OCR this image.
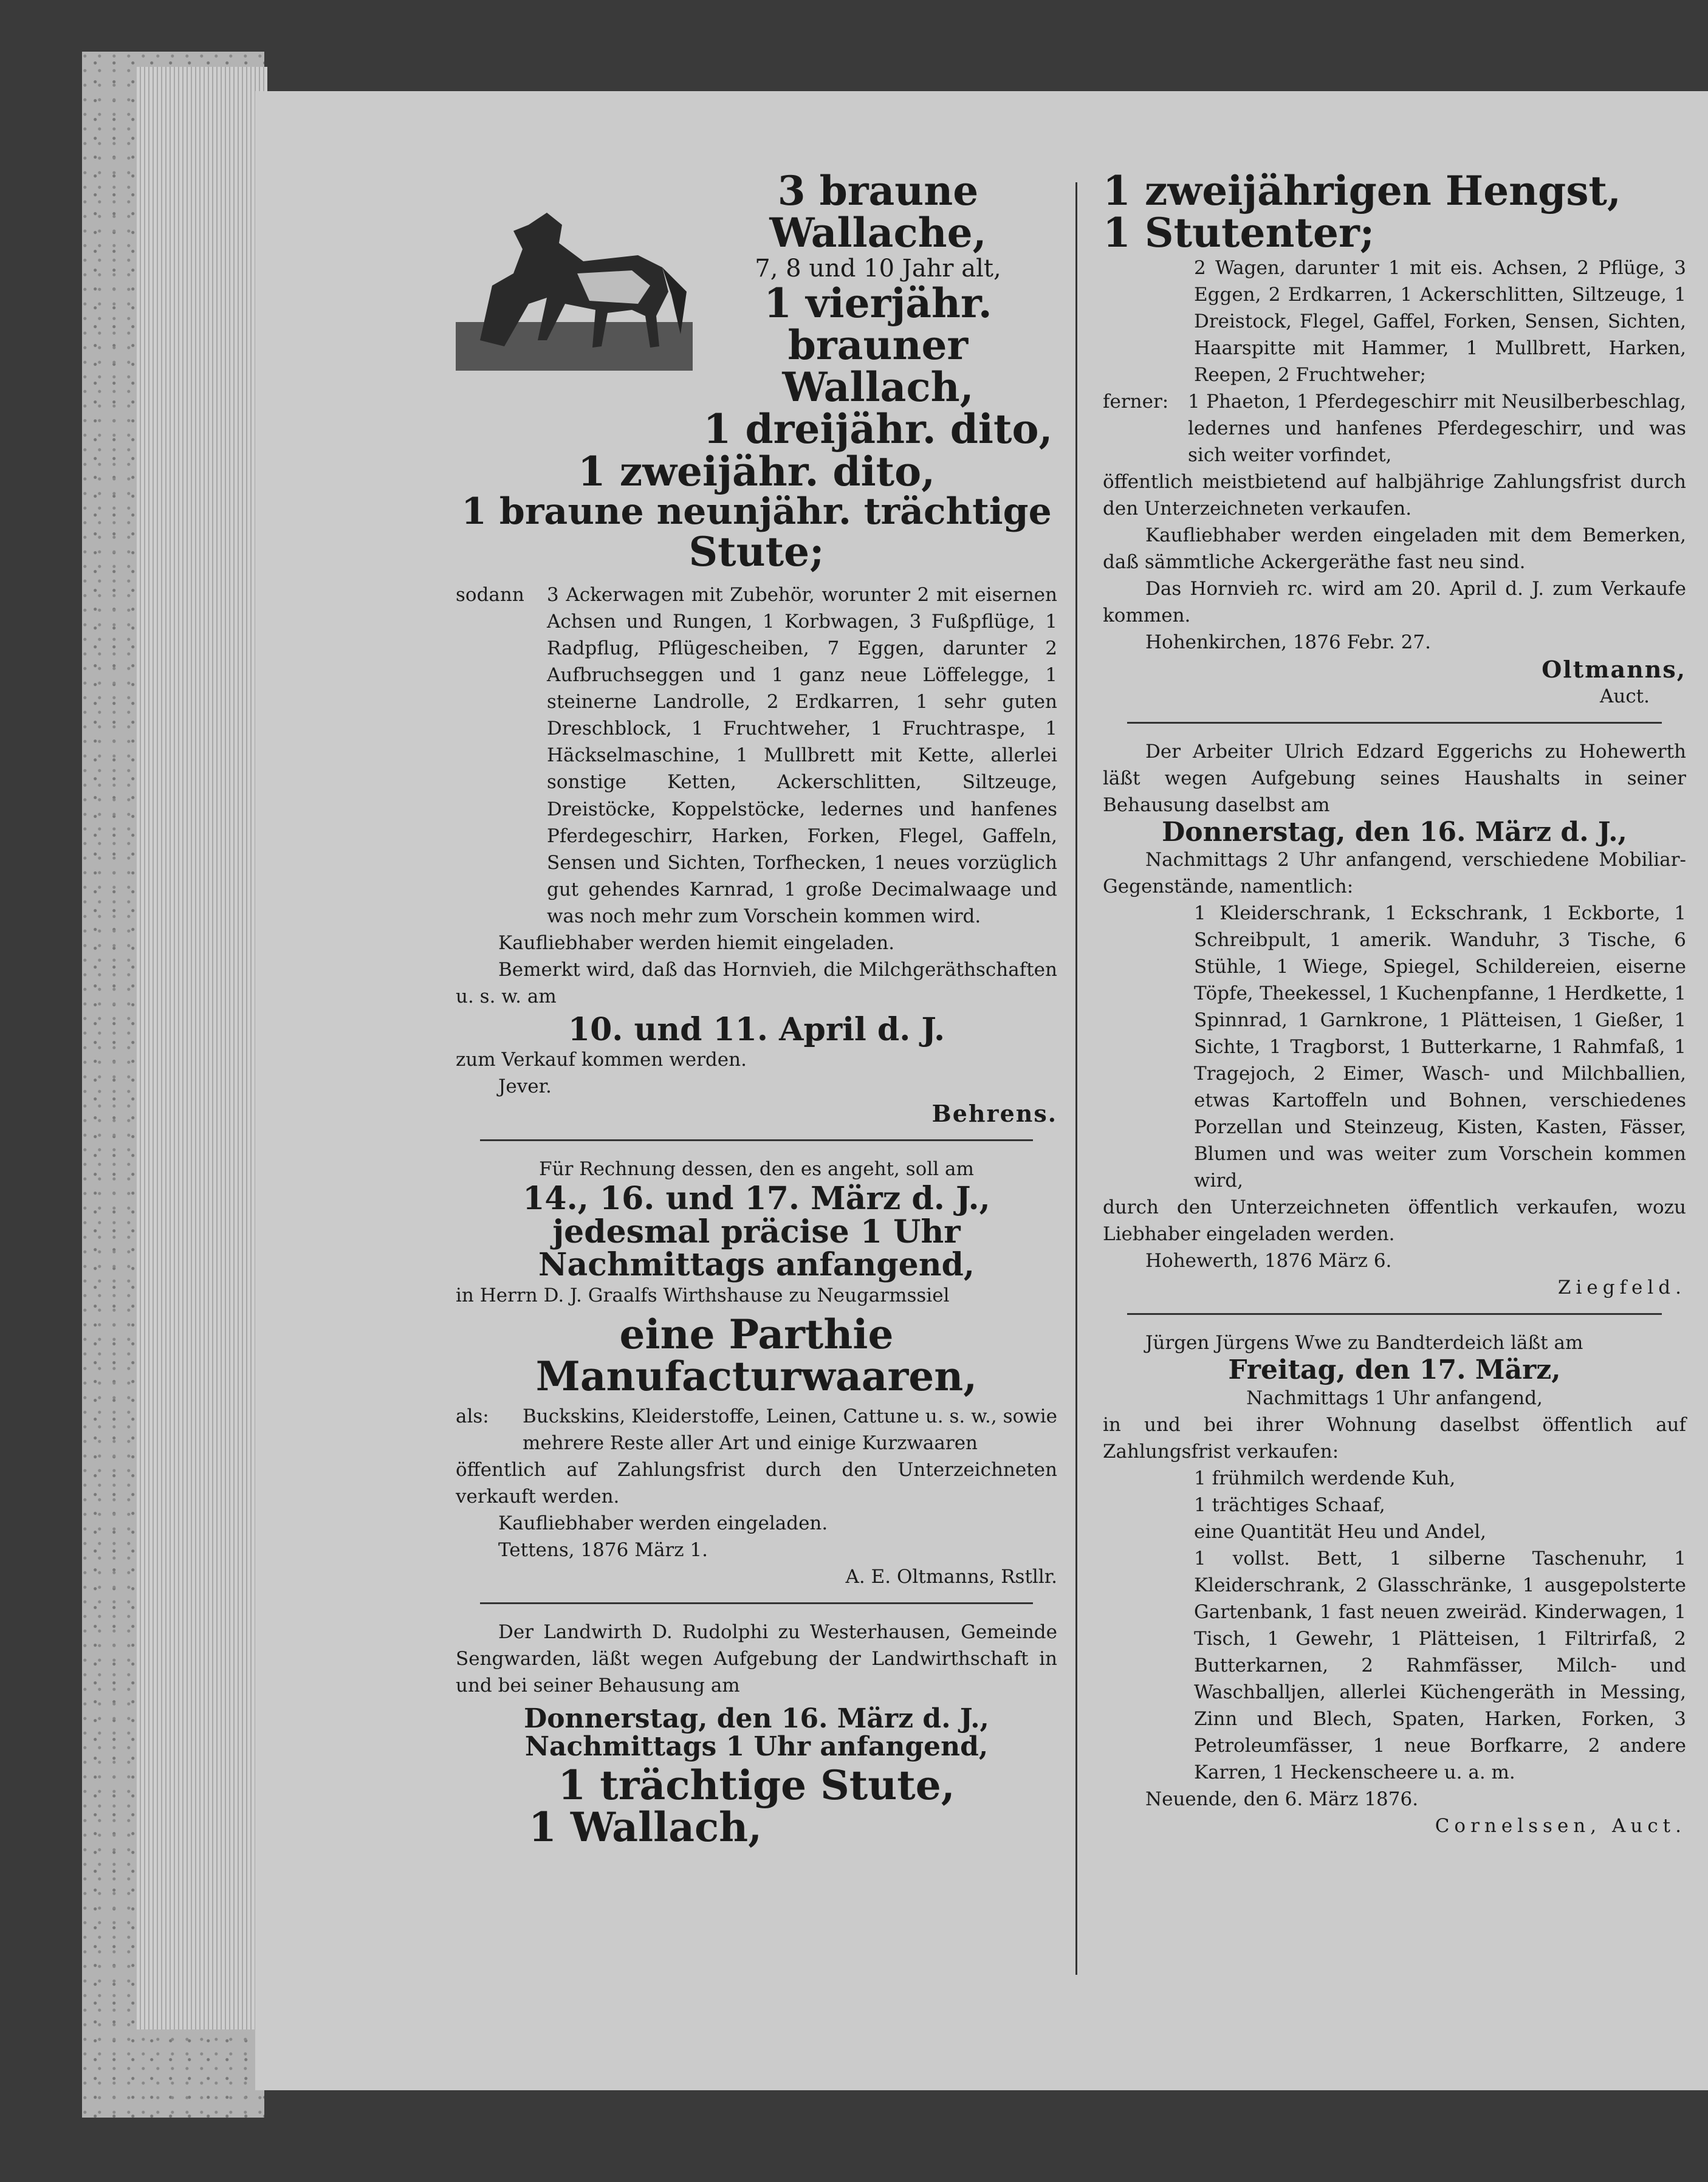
3 braune Wallache,
7, 8 und 10 Jahr alt,
1 vierjähr. brauner
Wallach,
1 dreijähr. dito,
1 zweijähr. dito,
1 braune neunjähr. trächtige
Stute;
sodann	3 Ackerwagen mit Zubehör, worunter 2 mit eisernen Achsen und Rungen, 1 Korbwagen, 3 Fußpflüge, 1 Radpflug, Pflügescheiben, 7 Eggen, darunter 2 Aufbruchseggen und 1 ganz neue Löffelegge, 1 steinerne Landrolle, 2 Erdkarren, 1 sehr guten Dreschblock, 1 Fruchtweher, 1 Fruchtraspe, 1 Häckselmaschine, 1 Mullbrett mit Kette, allerlei sonstige Ketten, Ackerschlitten, Siltzeuge, Dreistöcke, Koppelstöcke, ledernes und hanfenes Pferdegeschirr, Harken, Forken, Flegel, Gaffeln, Sensen und Sichten, Torfhecken, 1 neues vorzüglich gut gehendes Karnrad, 1 große Decimalwaage und was noch mehr zum Vorschein kommen wird.
Kaufliebhaber werden hiemit eingeladen.
Bemerkt wird, daß das Hornvieh, die Milchgeräthschaften u. s. w. am
10. und 11. April d. J.
zum Verkauf kommen werden.
Jever.
Behrens.
Für Rechnung dessen, den es angeht, soll am
14., 16. und 17. März d. J.,
jedesmal präcise 1 Uhr Nachmittags anfangend,
in Herrn D. J. Graalfs Wirthshause zu Neugarmssiel
eine Parthie Manufacturwaaren,
als:	Buckskins, Kleiderstoffe, Leinen, Cattune u. s. w., sowie mehrere Reste aller Art und einige Kurzwaaren
öffentlich auf Zahlungsfrist durch den Unterzeichneten verkauft werden.
Kaufliebhaber werden eingeladen.
Tettens, 1876 März 1.
A. E. Oltmanns, Rstllr.
Der Landwirth D. Rudolphi zu Westerhausen, Gemeinde Sengwarden, läßt wegen Aufgebung der Landwirthschaft in und bei seiner Behausung am
Donnerstag, den 16. März d. J.,
Nachmittags 1 Uhr anfangend,
1 trächtige Stute,
1 Wallach,
1 zweijährigen Hengst,
1 Stutenter;
2 Wagen, darunter 1 mit eis. Achsen, 2 Pflüge, 3 Eggen, 2 Erdkarren, 1 Ackerschlitten, Siltzeuge, 1 Dreistock, Flegel, Gaffel, Forken, Sensen, Sichten, Haarspitte mit Hammer, 1 Mullbrett, Harken, Reepen, 2 Fruchtweher;
ferner:	1 Phaeton, 1 Pferdegeschirr mit Neusilberbeschlag, ledernes und hanfenes Pferdegeschirr, und was sich weiter vorfindet,
öffentlich meistbietend auf halbjährige Zahlungsfrist durch den Unterzeichneten verkaufen.
Kaufliebhaber werden eingeladen mit dem Bemerken, daß sämmtliche Ackergeräthe fast neu sind.
Das Hornvieh rc. wird am 20. April d. J. zum Verkaufe kommen.
Hohenkirchen, 1876 Febr. 27.
Oltmanns,
Auct.
Der Arbeiter Ulrich Edzard Eggerichs zu Hohewerth läßt wegen Aufgebung seines Haushalts in seiner Behausung daselbst am
Donnerstag, den 16. März d. J.,
Nachmittags 2 Uhr anfangend, verschiedene Mobiliar-Gegenstände, namentlich:
1 Kleiderschrank, 1 Eckschrank, 1 Eckborte, 1 Schreibpult, 1 amerik. Wanduhr, 3 Tische, 6 Stühle, 1 Wiege, Spiegel, Schildereien, eiserne Töpfe, Theekessel, 1 Kuchenpfanne, 1 Herdkette, 1 Spinnrad, 1 Garnkrone, 1 Plätteisen, 1 Gießer, 1 Sichte, 1 Tragborst, 1 Butterkarne, 1 Rahmfaß, 1 Tragejoch, 2 Eimer, Wasch- und Milchballien, etwas Kartoffeln und Bohnen, verschiedenes Porzellan und Steinzeug, Kisten, Kasten, Fässer, Blumen und was weiter zum Vorschein kommen wird,
durch den Unterzeichneten öffentlich verkaufen, wozu Liebhaber eingeladen werden.
Hohewerth, 1876 März 6.
Ziegfeld.
Jürgen Jürgens Wwe zu Bandterdeich läßt am
Freitag, den 17. März,
Nachmittags 1 Uhr anfangend,
in und bei ihrer Wohnung daselbst öffentlich auf Zahlungsfrist verkaufen:
1 frühmilch werdende Kuh,
1 trächtiges Schaaf,
eine Quantität Heu und Andel,
1 vollst. Bett, 1 silberne Taschenuhr, 1 Kleiderschrank, 2 Glasschränke, 1 ausgepolsterte Gartenbank, 1 fast neuen zweiräd. Kinderwagen, 1 Tisch, 1 Gewehr, 1 Plätteisen, 1 Filtrirfaß, 2 Butterkarnen, 2 Rahmfässer, Milch- und Waschballjen, allerlei Küchengeräth in Messing, Zinn und Blech, Spaten, Harken, Forken, 3 Petroleumfässer, 1 neue Borfkarre, 2 andere Karren, 1 Heckenscheere u. a. m.
Neuende, den 6. März 1876.
Cornelssen, Auct.
